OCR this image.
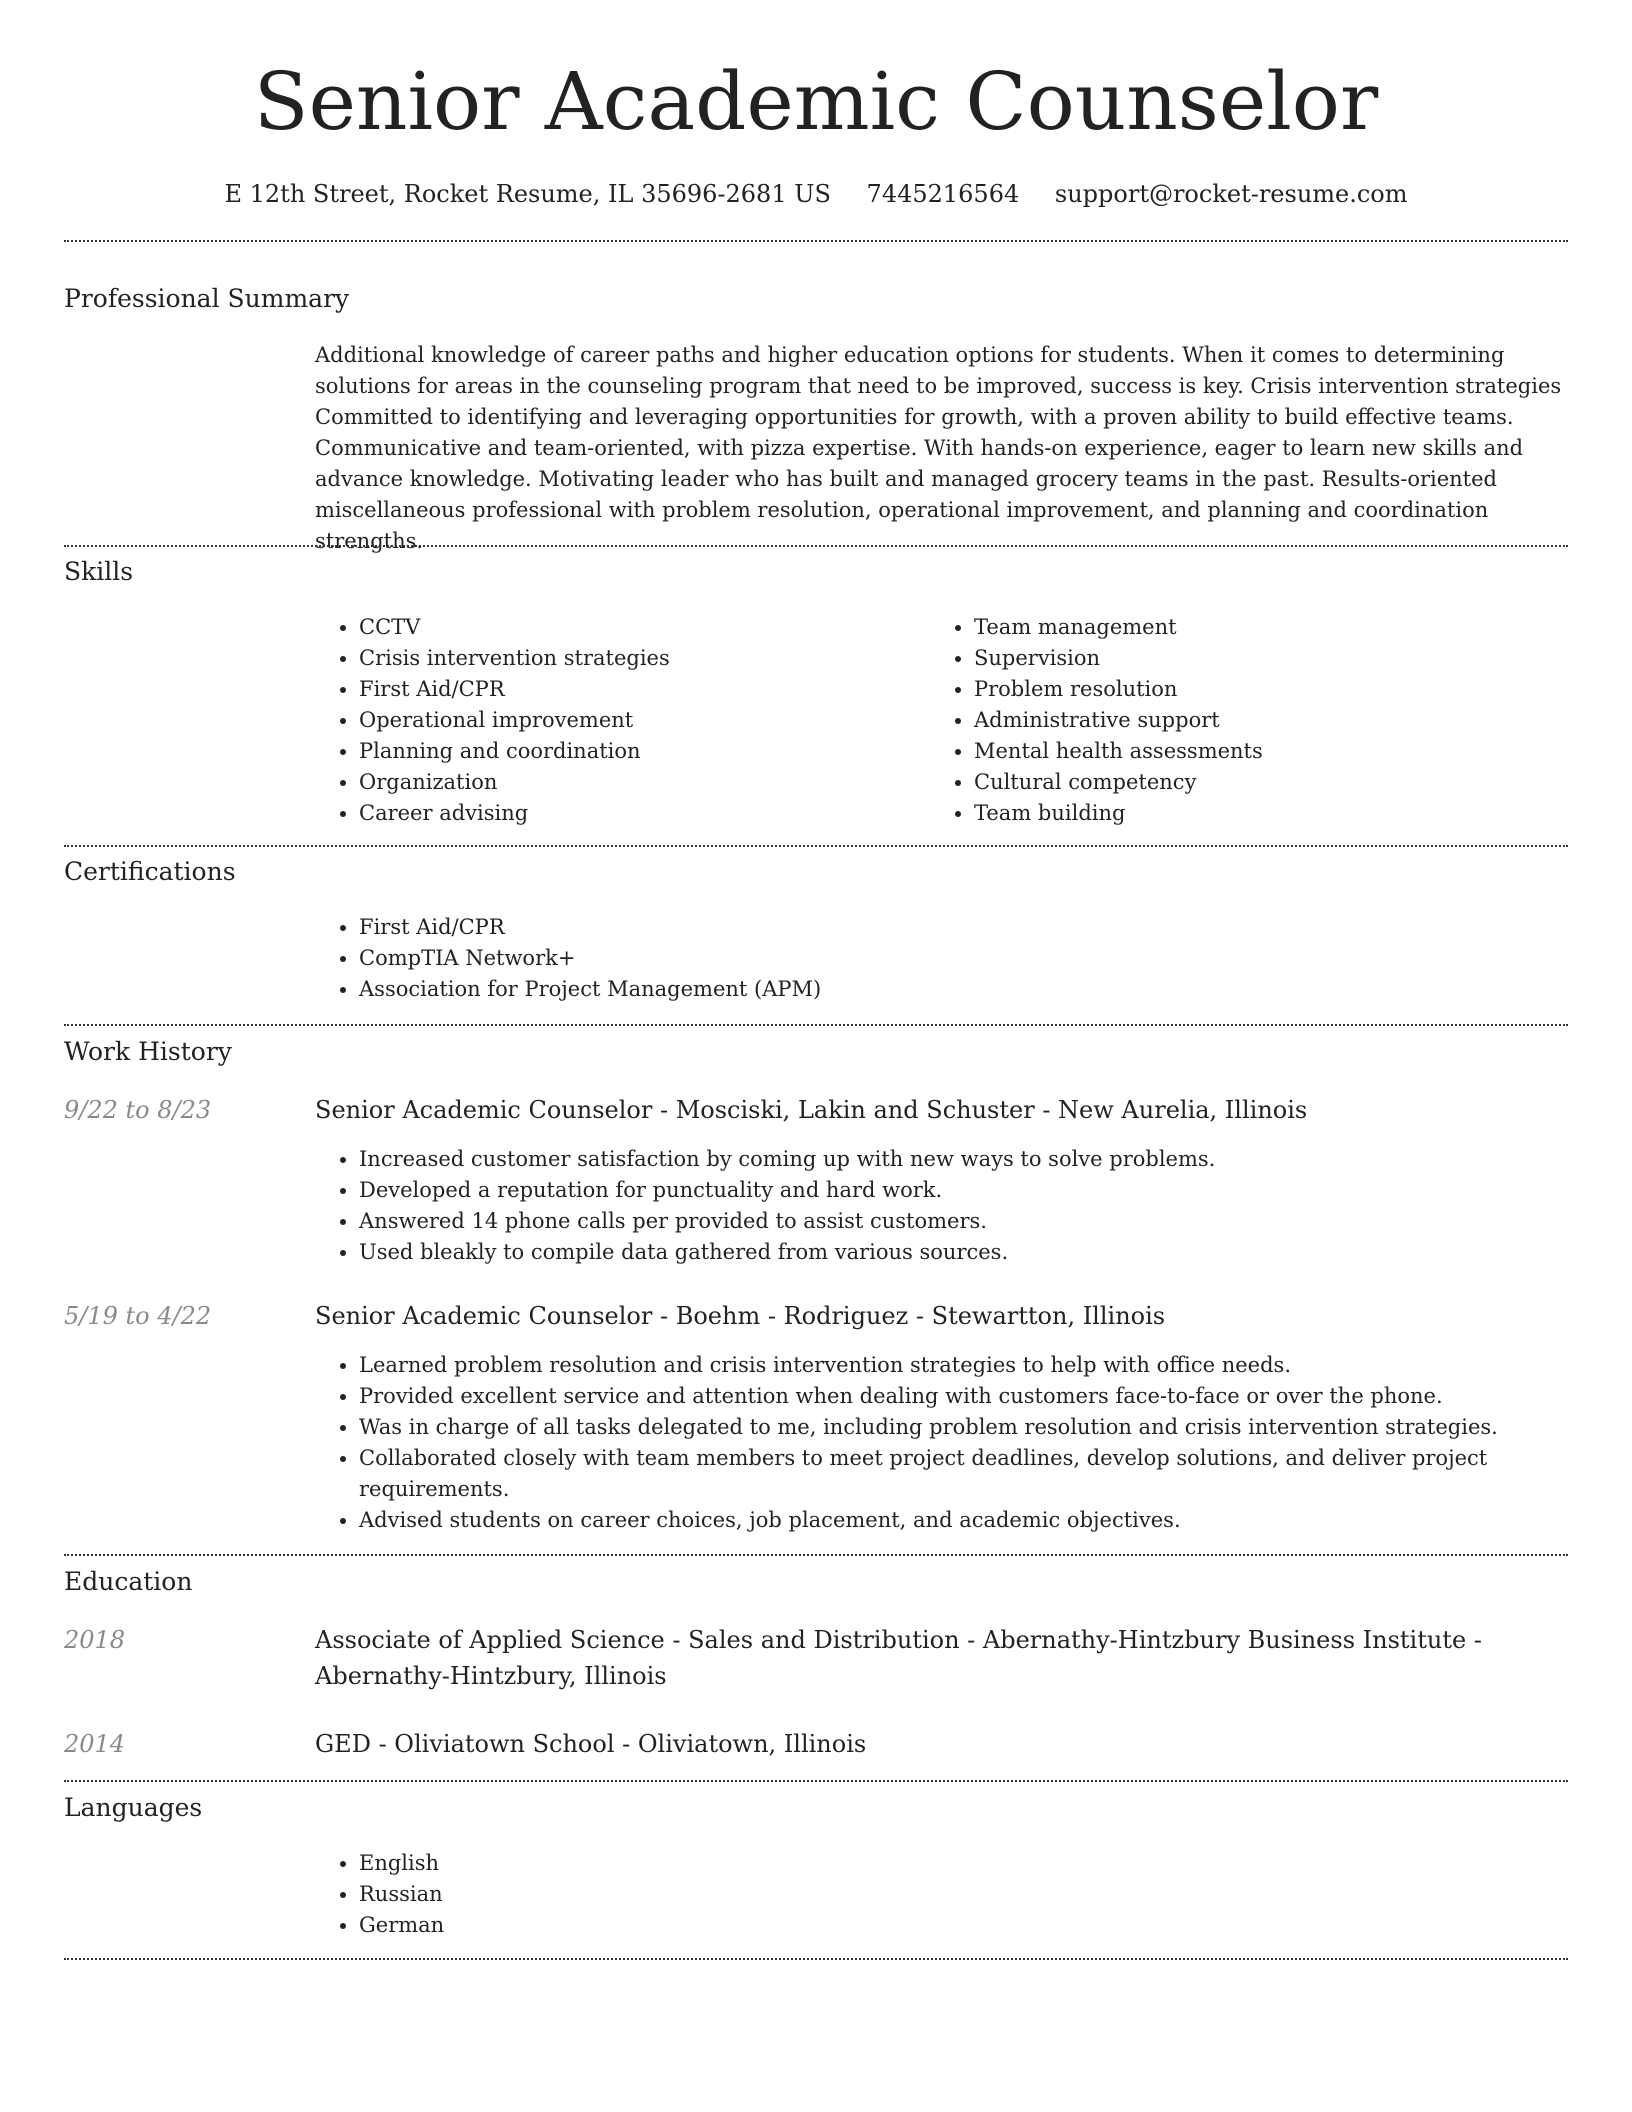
Senior Academic Counselor
E 12th Street, Rocket Resume, IL 35696-2681 US 7445216564 support@rocket-resume.com
Professional Summary
Additional knowledge of career paths and higher education options for students. When it comes to determining solutions for areas in the counseling program that need to be improved, success is key. Crisis intervention strategies Committed to identifying and leveraging opportunities for growth, with a proven ability to build effective teams. Communicative and team-oriented, with pizza expertise. With hands-on experience, eager to learn new skills and advance knowledge. Motivating leader who has built and managed grocery teams in the past. Results-oriented miscellaneous professional with problem resolution, operational improvement, and planning and coordination strengths.
Skills
• CCTV
• Crisis intervention strategies
• First Aid/CPR
• Operational improvement
• Planning and coordination
• Organization
• Career advising
• Team management
• Supervision
• Problem resolution
• Administrative support
• Mental health assessments
• Cultural competency
• Team building
Certifications
• First Aid/CPR
• CompTIA Network+
• Association for Project Management (APM)
Work History
9/22 to 8/23	Senior Academic Counselor - Mosciski, Lakin and Schuster - New Aurelia, Illinois
• Increased customer satisfaction by coming up with new ways to solve problems.
• Developed a reputation for punctuality and hard work.
• Answered 14 phone calls per provided to assist customers.
• Used bleakly to compile data gathered from various sources.
5/19 to 4/22	Senior Academic Counselor - Boehm - Rodriguez - Stewartton, Illinois
• Learned problem resolution and crisis intervention strategies to help with office needs.
• Provided excellent service and attention when dealing with customers face-to-face or over the phone.
• Was in charge of all tasks delegated to me, including problem resolution and crisis intervention strategies.
• Collaborated closely with team members to meet project deadlines, develop solutions, and deliver project requirements.
• Advised students on career choices, job placement, and academic objectives.
Education
2018	Associate of Applied Science - Sales and Distribution - Abernathy-Hintzbury Business Institute - Abernathy-Hintzbury, Illinois
2014	GED - Oliviatown School - Oliviatown, Illinois
Languages
• English
• Russian
• German
